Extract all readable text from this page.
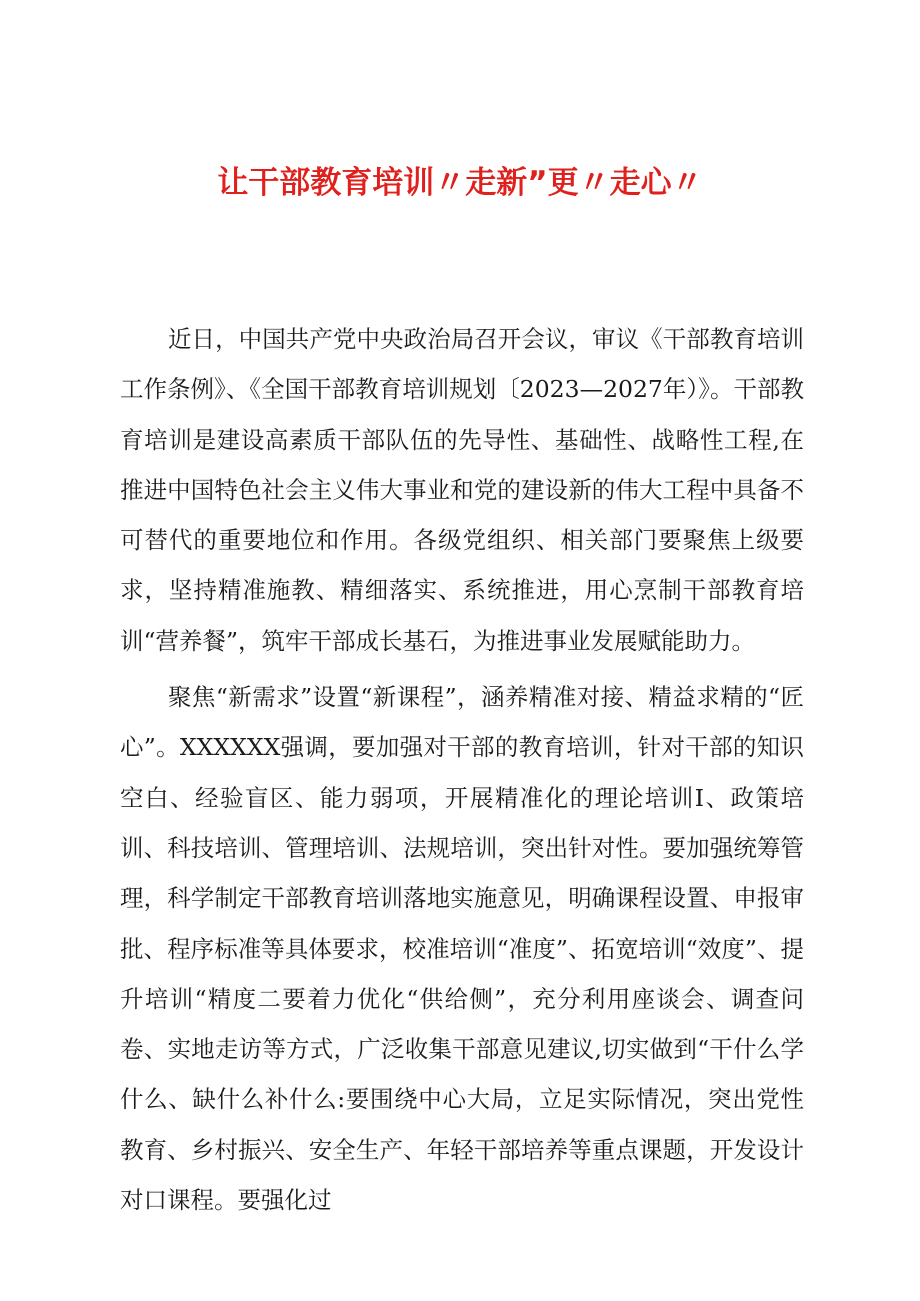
让干部教育培训〃走新”更〃走心〃

近日，中国共产党中央政治局召开会议，审议《干部教育培训工作条例》、《全国干部教育培训规划〔2023—2027年）》。干部教育培训是建设高素质干部队伍的先导性、基础性、战略性工程,在推进中国特色社会主义伟大事业和党的建设新的伟大工程中具备不可替代的重要地位和作用。各级党组织、相关部门要聚焦上级要求，坚持精准施教、精细落实、系统推进，用心烹制干部教育培训“营养餐”，筑牢干部成长基石，为推进事业发展赋能助力。

聚焦“新需求”设置“新课程”，涵养精准对接、精益求精的“匠心”。XXXXXX强调，要加强对干部的教育培训，针对干部的知识空白、经验盲区、能力弱项，开展精准化的理论培训I、政策培训、科技培训、管理培训、法规培训，突出针对性。要加强统筹管理，科学制定干部教育培训落地实施意见，明确课程设置、申报审批、程序标准等具体要求，校准培训“准度”、拓宽培训“效度”、提升培训“精度二要着力优化“供给侧”，充分利用座谈会、调查问卷、实地走访等方式，广泛收集干部意见建议,切实做到“干什么学什么、缺什么补什么:要围绕中心大局，立足实际情况，突出党性教育、乡村振兴、安全生产、年轻干部培养等重点课题，开发设计对口课程。要强化过
